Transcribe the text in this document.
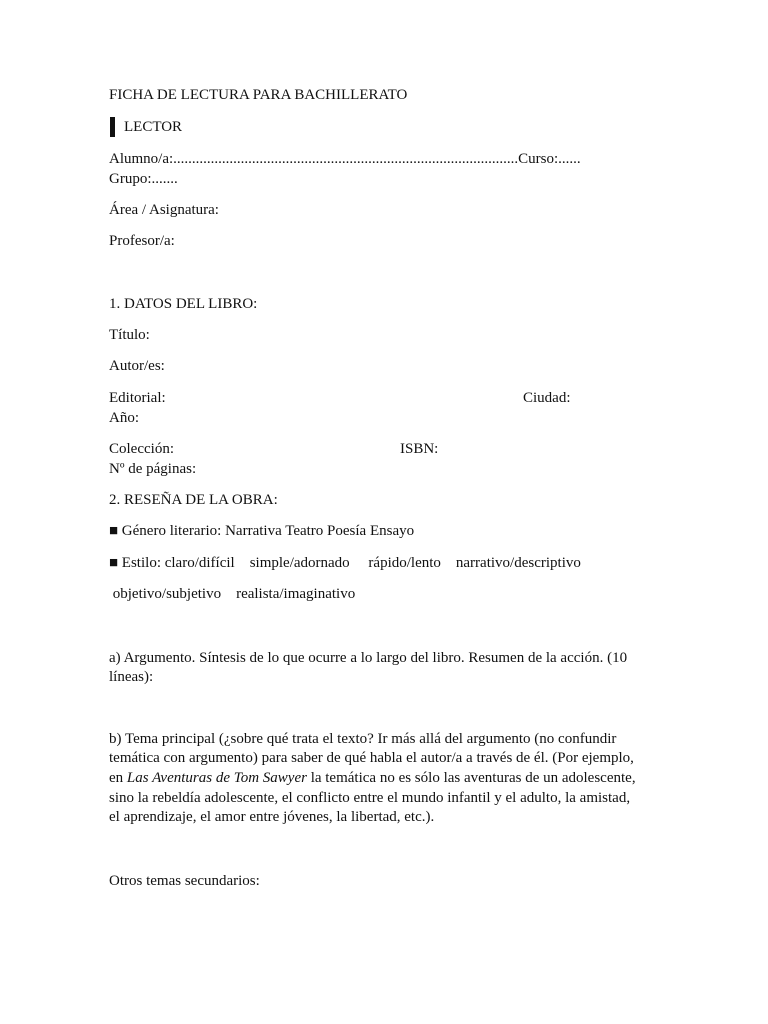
FICHA DE LECTURA PARA BACHILLERATO
LECTOR
Alumno/a:............................................................................................Curso:......
Grupo:.......
Área / Asignatura:
Profesor/a:
1. DATOS DEL LIBRO:
Título:
Autor/es:
Editorial:	Ciudad:
Año:
Colección:	ISBN:
Nº de páginas:
2. RESEÑA DE LA OBRA:
■ Género literario: Narrativa Teatro Poesía Ensayo
■ Estilo: claro/difícil    simple/adornado     rápido/lento    narrativo/descriptivo
objetivo/subjetivo    realista/imaginativo
a) Argumento. Síntesis de lo que ocurre a lo largo del libro. Resumen de la acción. (10
líneas):
b) Tema principal (¿sobre qué trata el texto? Ir más allá del argumento (no confundir
temática con argumento) para saber de qué habla el autor/a a través de él. (Por ejemplo,
en Las Aventuras de Tom Sawyer la temática no es sólo las aventuras de un adolescente,
sino la rebeldía adolescente, el conflicto entre el mundo infantil y el adulto, la amistad,
el aprendizaje, el amor entre jóvenes, la libertad, etc.).
Otros temas secundarios:
